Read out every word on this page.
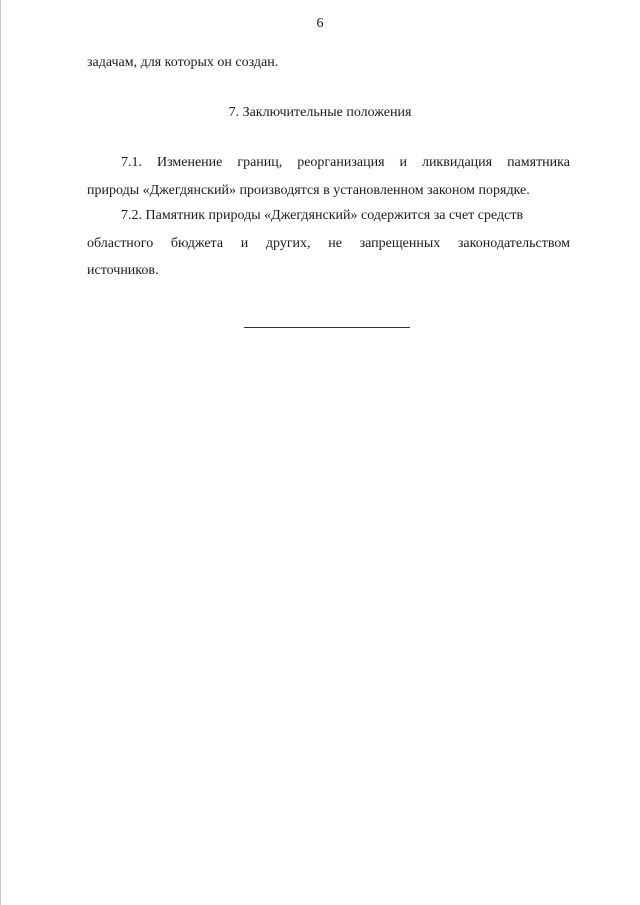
6
задачам, для которых он создан.
7. Заключительные положения
7.1. Изменение границ, реорганизация и ликвидация памятника
природы «Джегдянский» производятся в установленном законом порядке.
7.2. Памятник природы «Джегдянский» содержится за счет средств
областного бюджета и других, не запрещенных законодательством
источников.
